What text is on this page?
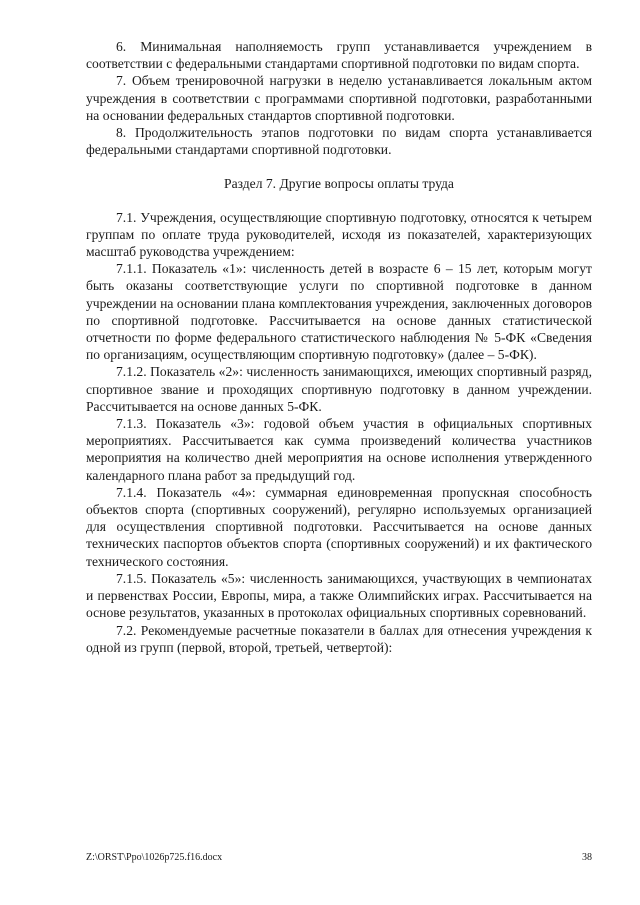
6. Минимальная наполняемость групп устанавливается учреждением в соответствии с федеральными стандартами спортивной подготовки по видам спорта.

7. Объем тренировочной нагрузки в неделю устанавливается локальным актом учреждения в соответствии с программами спортивной подготовки, разработанными на основании федеральных стандартов спортивной подготовки.

8. Продолжительность этапов подготовки по видам спорта устанавливается федеральными стандартами спортивной подготовки.

Раздел 7. Другие вопросы оплаты труда

7.1. Учреждения, осуществляющие спортивную подготовку, относятся к четырем группам по оплате труда руководителей, исходя из показателей, характеризующих масштаб руководства учреждением:

7.1.1. Показатель «1»: численность детей в возрасте 6 – 15 лет, которым могут быть оказаны соответствующие услуги по спортивной подготовке в данном учреждении на основании плана комплектования учреждения, заключенных договоров по спортивной подготовке. Рассчитывается на основе данных статистической отчетности по форме федерального статистического наблюдения № 5-ФК «Сведения по организациям, осуществляющим спортивную подготовку» (далее – 5-ФК).

7.1.2. Показатель «2»: численность занимающихся, имеющих спортивный разряд, спортивное звание и проходящих спортивную подготовку в данном учреждении. Рассчитывается на основе данных 5-ФК.

7.1.3. Показатель «3»: годовой объем участия в официальных спортивных мероприятиях. Рассчитывается как сумма произведений количества участников мероприятия на количество дней мероприятия на основе исполнения утвержденного календарного плана работ за предыдущий год.

7.1.4. Показатель «4»: суммарная единовременная пропускная способность объектов спорта (спортивных сооружений), регулярно используемых организацией для осуществления спортивной подготовки. Рассчитывается на основе данных технических паспортов объектов спорта (спортивных сооружений) и их фактического технического состояния.

7.1.5. Показатель «5»: численность занимающихся, участвующих в чемпионатах и первенствах России, Европы, мира, а также Олимпийских играх. Рассчитывается на основе результатов, указанных в протоколах официальных спортивных соревнований.

7.2. Рекомендуемые расчетные показатели в баллах для отнесения учреждения к одной из групп (первой, второй, третьей, четвертой):

Z:\ORST\Ppo\1026p725.f16.docx	38
